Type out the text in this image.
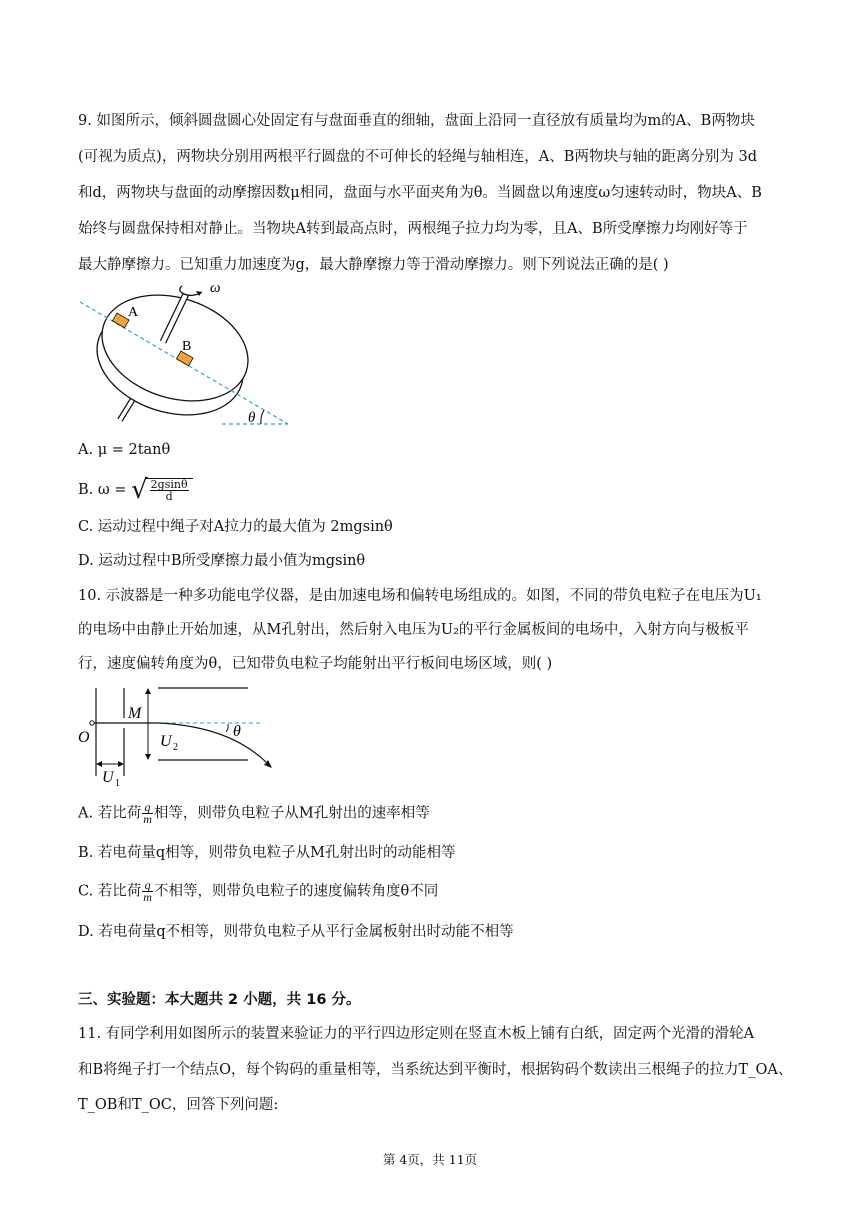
9. 如图所示，倾斜圆盘圆心处固定有与盘面垂直的细轴，盘面上沿同一直径放有质量均为m的A、B两物块
(可视为质点)，两物块分别用两根平行圆盘的不可伸长的轻绳与轴相连，A、B两物块与轴的距离分别为 3d
和d，两物块与盘面的动摩擦因数μ相同，盘面与水平面夹角为θ。当圆盘以角速度ω匀速转动时，物块A、B
始终与圆盘保持相对静止。当物块A转到最高点时，两根绳子拉力均为零，且A、B所受摩擦力均刚好等于
最大静摩擦力。已知重力加速度为g，最大静摩擦力等于滑动摩擦力。则下列说法正确的是( )
ω
A
B
θ
A. μ = 2tanθ
B. ω = √ $\frac{2gsin\theta}{d}$
C. 运动过程中绳子对A拉力的最大值为 2mgsinθ
D. 运动过程中B所受摩擦力最小值为mgsinθ
10. 示波器是一种多功能电学仪器，是由加速电场和偏转电场组成的。如图，不同的带负电粒子在电压为U₁
的电场中由静止开始加速，从M孔射出，然后射入电压为U₂的平行金属板间的电场中，入射方向与极板平
行，速度偏转角度为θ，已知带负电粒子均能射出平行板间电场区域，则( )
O
M
U 2
U 1
θ
A. 若比荷 $\frac{q}{m}$ 相等，则带负电粒子从M孔射出的速率相等
B. 若电荷量q相等，则带负电粒子从M孔射出时的动能相等
C. 若比荷 $\frac{q}{m}$ 不相等，则带负电粒子的速度偏转角度θ不同
D. 若电荷量q不相等，则带负电粒子从平行金属板射出时动能不相等
三、实验题：本大题共 2 小题，共 16 分。
11. 有同学利用如图所示的装置来验证力的平行四边形定则在竖直木板上铺有白纸，固定两个光滑的滑轮A
和B将绳子打一个结点O，每个钩码的重量相等，当系统达到平衡时，根据钩码个数读出三根绳子的拉力T_OA、
T_OB和T_OC，回答下列问题:
第 4页，共 11页
